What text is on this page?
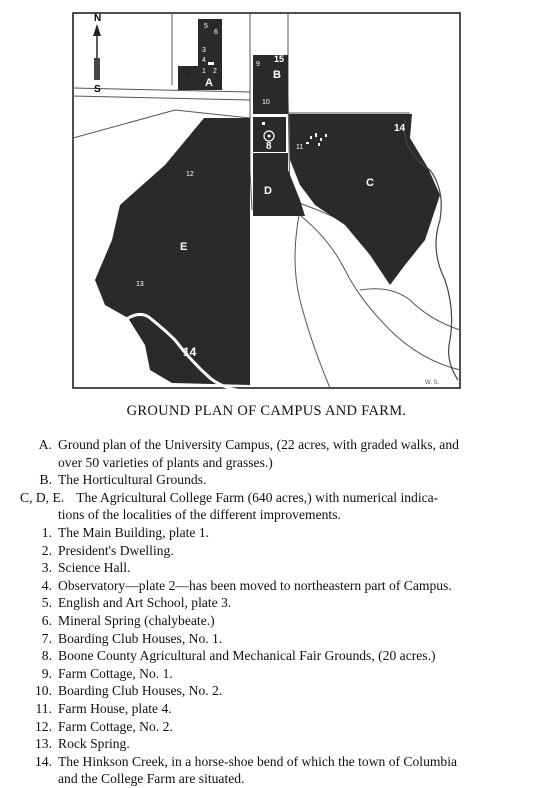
N
S
A
B
C
D
E
8
14
14
1 2
3
4
5
6
7
9
10
11
12
13
15
W. S.
GROUND PLAN OF CAMPUS AND FARM.
A. Ground plan of the University Campus, (22 acres, with graded walks, and
over 50 varieties of plants and grasses.)
B. The Horticultural Grounds.
C, D, E. The Agricultural College Farm (640 acres,) with numerical indica-
tions of the localities of the different improvements.
1. The Main Building, plate 1.
2. President's Dwelling.
3. Science Hall.
4. Observatory—plate 2—has been moved to northeastern part of Campus.
5. English and Art School, plate 3.
6. Mineral Spring (chalybeate.)
7. Boarding Club Houses, No. 1.
8. Boone County Agricultural and Mechanical Fair Grounds, (20 acres.)
9. Farm Cottage, No. 1.
10. Boarding Club Houses, No. 2.
11. Farm House, plate 4.
12. Farm Cottage, No. 2.
13. Rock Spring.
14. The Hinkson Creek, in a horse-shoe bend of which the town of Columbia
and the College Farm are situated.
